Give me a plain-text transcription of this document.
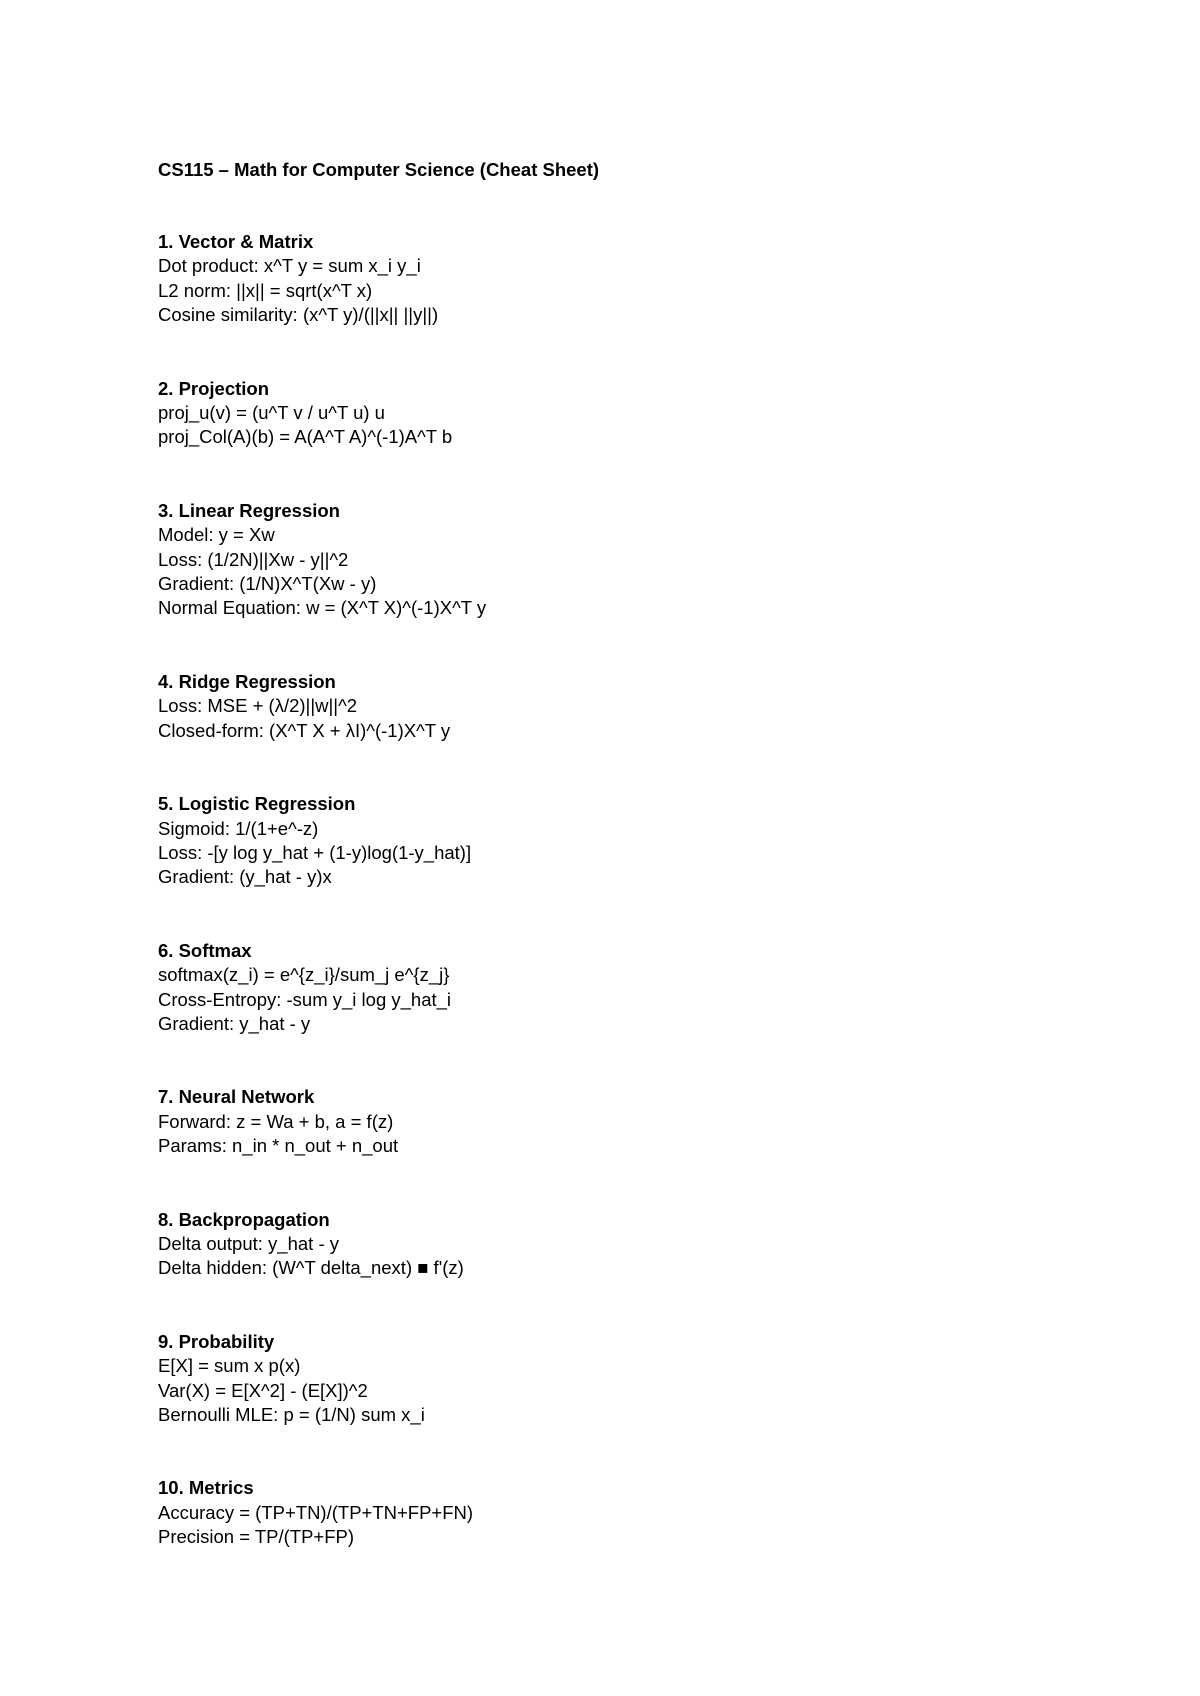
CS115 – Math for Computer Science (Cheat Sheet)
1. Vector & Matrix
Dot product: x^T y = sum x_i y_i
L2 norm: ||x|| = sqrt(x^T x)
Cosine similarity: (x^T y)/(||x|| ||y||)
2. Projection
proj_u(v) = (u^T v / u^T u) u
proj_Col(A)(b) = A(A^T A)^(-1)A^T b
3. Linear Regression
Model: y = Xw
Loss: (1/2N)||Xw - y||^2
Gradient: (1/N)X^T(Xw - y)
Normal Equation: w = (X^T X)^(-1)X^T y
4. Ridge Regression
Loss: MSE + (λ/2)||w||^2
Closed-form: (X^T X + λI)^(-1)X^T y
5. Logistic Regression
Sigmoid: 1/(1+e^-z)
Loss: -[y log y_hat + (1-y)log(1-y_hat)]
Gradient: (y_hat - y)x
6. Softmax
softmax(z_i) = e^{z_i}/sum_j e^{z_j}
Cross-Entropy: -sum y_i log y_hat_i
Gradient: y_hat - y
7. Neural Network
Forward: z = Wa + b, a = f(z)
Params: n_in * n_out + n_out
8. Backpropagation
Delta output: y_hat - y
Delta hidden: (W^T delta_next) ■ f'(z)
9. Probability
E[X] = sum x p(x)
Var(X) = E[X^2] - (E[X])^2
Bernoulli MLE: p = (1/N) sum x_i
10. Metrics
Accuracy = (TP+TN)/(TP+TN+FP+FN)
Precision = TP/(TP+FP)
